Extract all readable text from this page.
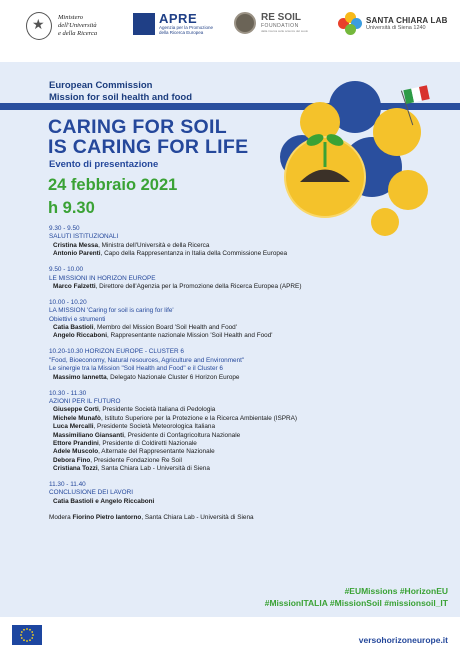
★
Ministero
dell'Università
e della Ricerca
APRE
Agenzia per la Promozione della Ricerca Europea
RE SOIL
FOUNDATION
dalla ricerca sulle scienze del suolo
SANTA CHIARA LAB
Università di Siena 1240
European Commission
Mission for soil health and food
CARING FOR SOIL
IS CARING FOR LIFE
Evento di presentazione
24 febbraio 2021
h 9.30
9.30 - 9.50
SALUTI ISTITUZIONALI
Cristina Messa, Ministra dell'Università e della Ricerca
Antonio Parenti, Capo della Rappresentanza in Italia della Commissione Europea
9.50 - 10.00
LE MISSIONI IN HORIZON EUROPE
Marco Falzetti, Direttore dell'Agenzia per la Promozione della Ricerca Europea (APRE)
10.00 - 10.20
LA MISSION 'Caring for soil is caring for life'
Obiettivi e strumenti
Catia Bastioli, Membro del Mission Board 'Soil Health and Food'
Angelo Riccaboni, Rappresentante nazionale Mission 'Soil Health and Food'
10.20-10.30 HORIZON EUROPE - CLUSTER 6
"Food, Bioeconomy, Natural resources, Agriculture and Environment"
Le sinergie tra la Mission "Soil Health and Food" e il Cluster 6
Massimo Iannetta, Delegato Nazionale Cluster 6 Horizon Europe
10.30 - 11.30
AZIONI PER IL FUTURO
Giuseppe Corti, Presidente Società Italiana di Pedologia
Michele Munafò, Istituto Superiore per la Protezione e la Ricerca Ambientale (ISPRA)
Luca Mercalli, Presidente Società Meteorologica Italiana
Massimiliano Giansanti, Presidente di Confagricoltura Nazionale
Ettore Prandini, Presidente di Coldiretti Nazionale
Adele Muscolo, Alternate del Rappresentante Nazionale
Debora Fino, Presidente Fondazione Re Soil
Cristiana Tozzi, Santa Chiara Lab - Università di Siena
11.30 - 11.40
CONCLUSIONE DEI LAVORI
Catia Bastioli e Angelo Riccaboni
Modera Fiorino Pietro Iantorno, Santa Chiara Lab - Università di Siena
#EUMissions #HorizonEU
#MissionITALIA #MissionSoil #missionsoil_IT
versohorizoneurope.it
